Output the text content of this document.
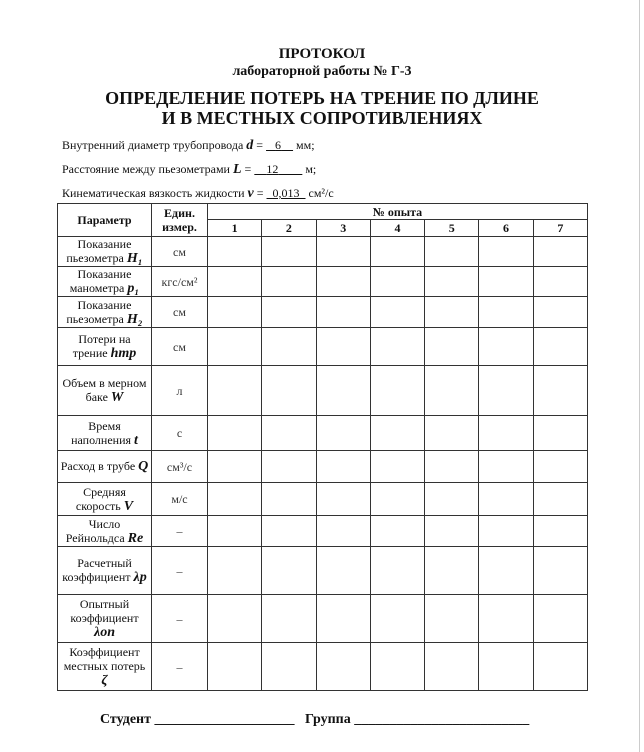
ПРОТОКОЛ
лабораторной работы № Г-3
ОПРЕДЕЛЕНИЕ ПОТЕРЬ НА ТРЕНИЕ ПО ДЛИНЕ
И В МЕСТНЫХ СОПРОТИВЛЕНИЯХ
Внутренний диаметр трубопровода d =    6 мм;
Расстояние между пьезометрами L =     12 м;
Кинематическая вязкость жидкости ν =   0,013 см²/с
Параметр	Един. измер.	№ опыта						
		1	2	3	4	5	6	7
Показание пьезометра H₁	см							
Показание манометра p₁	кгс/см²							
Показание пьезометра H₂	см							
Потери на трение hтр	см							
Объем в мерном баке W	л							
Время наполнения t	с							
Расход в трубе Q	см³/с							
Средняя скорость V	м/с							
Число Рейнольдса Re	–							
Расчетный коэффициент λр	–							
Опытный коэффициент λоп	–							
Коэффициент местных потерь ζ	–							
Студент ____________________ Группа _________________________
